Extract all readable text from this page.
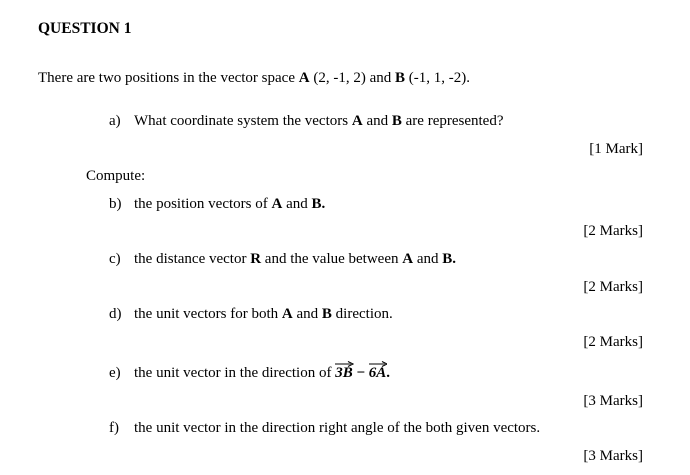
QUESTION 1
There are two positions in the vector space A (2, -1, 2) and B (-1, 1, -2).
a) What coordinate system the vectors A and B are represented?
[1 Mark]
Compute:
b) the position vectors of A and B.
[2 Marks]
c) the distance vector R and the value between A and B.
[2 Marks]
d) the unit vectors for both A and B direction.
[2 Marks]
e) the unit vector in the direction of
3B −
6A.
[3 Marks]
f) the unit vector in the direction right angle of the both given vectors.
[3 Marks]
